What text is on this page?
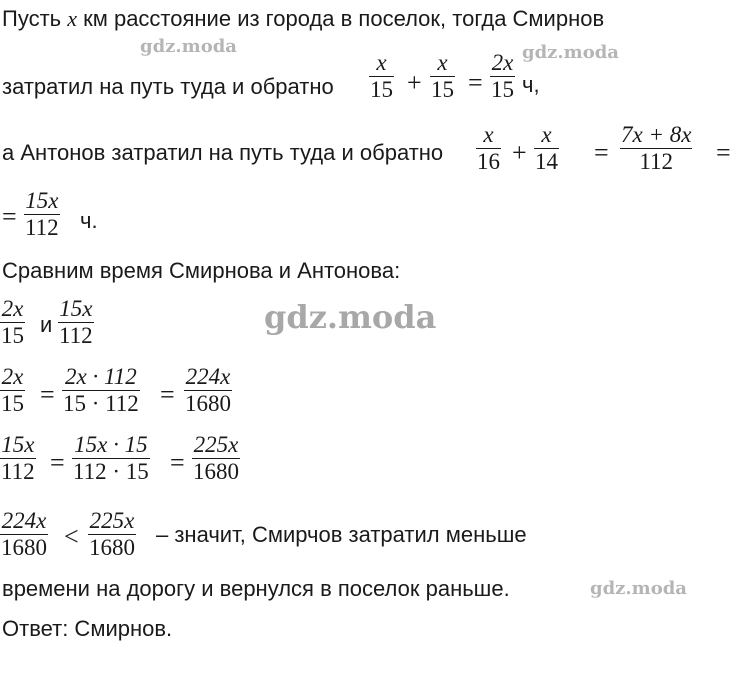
gdz.moda	gdz.moda
gdz.moda
gdz.moda
Пусть x км расстояние из города в поселок, тогда Смирнов
затратил на путь туда и обратно
x
15 +
x
15 =
2x
15 ч,
а Антонов затратил на путь туда и обратно
x
16 +
x
14 =
7x + 8x
112 =
=
15x
112 ч.
Сравним время Смирнова и Антонова:
2x
15 и
15x
112
2x
15 =
2x · 112
15 · 112 =
224x
1680
15x
112 =
15x · 15
112 · 15 =
225x
1680
224x
1680 <
225x
1680
– значит, Смирчов затратил меньше
времени на дорогу и вернулся в поселок раньше.
Ответ: Смирнов.
